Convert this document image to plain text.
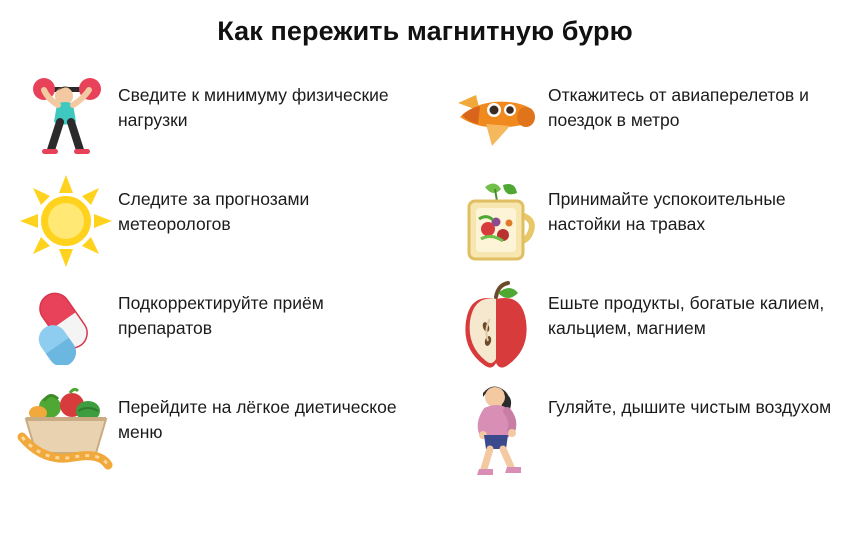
Как пережить магнитную бурю
Сведите к минимуму физические нагрузки
Откажитесь от авиаперелетов и поездок в метро
Следите за прогнозами метеорологов
Принимайте успокоительные настойки на травах
Подкорректируйте приём препаратов
Ешьте продукты, богатые калием, кальцием, магнием
Перейдите на лёгкое диетическое меню
Гуляйте, дышите чистым воздухом
